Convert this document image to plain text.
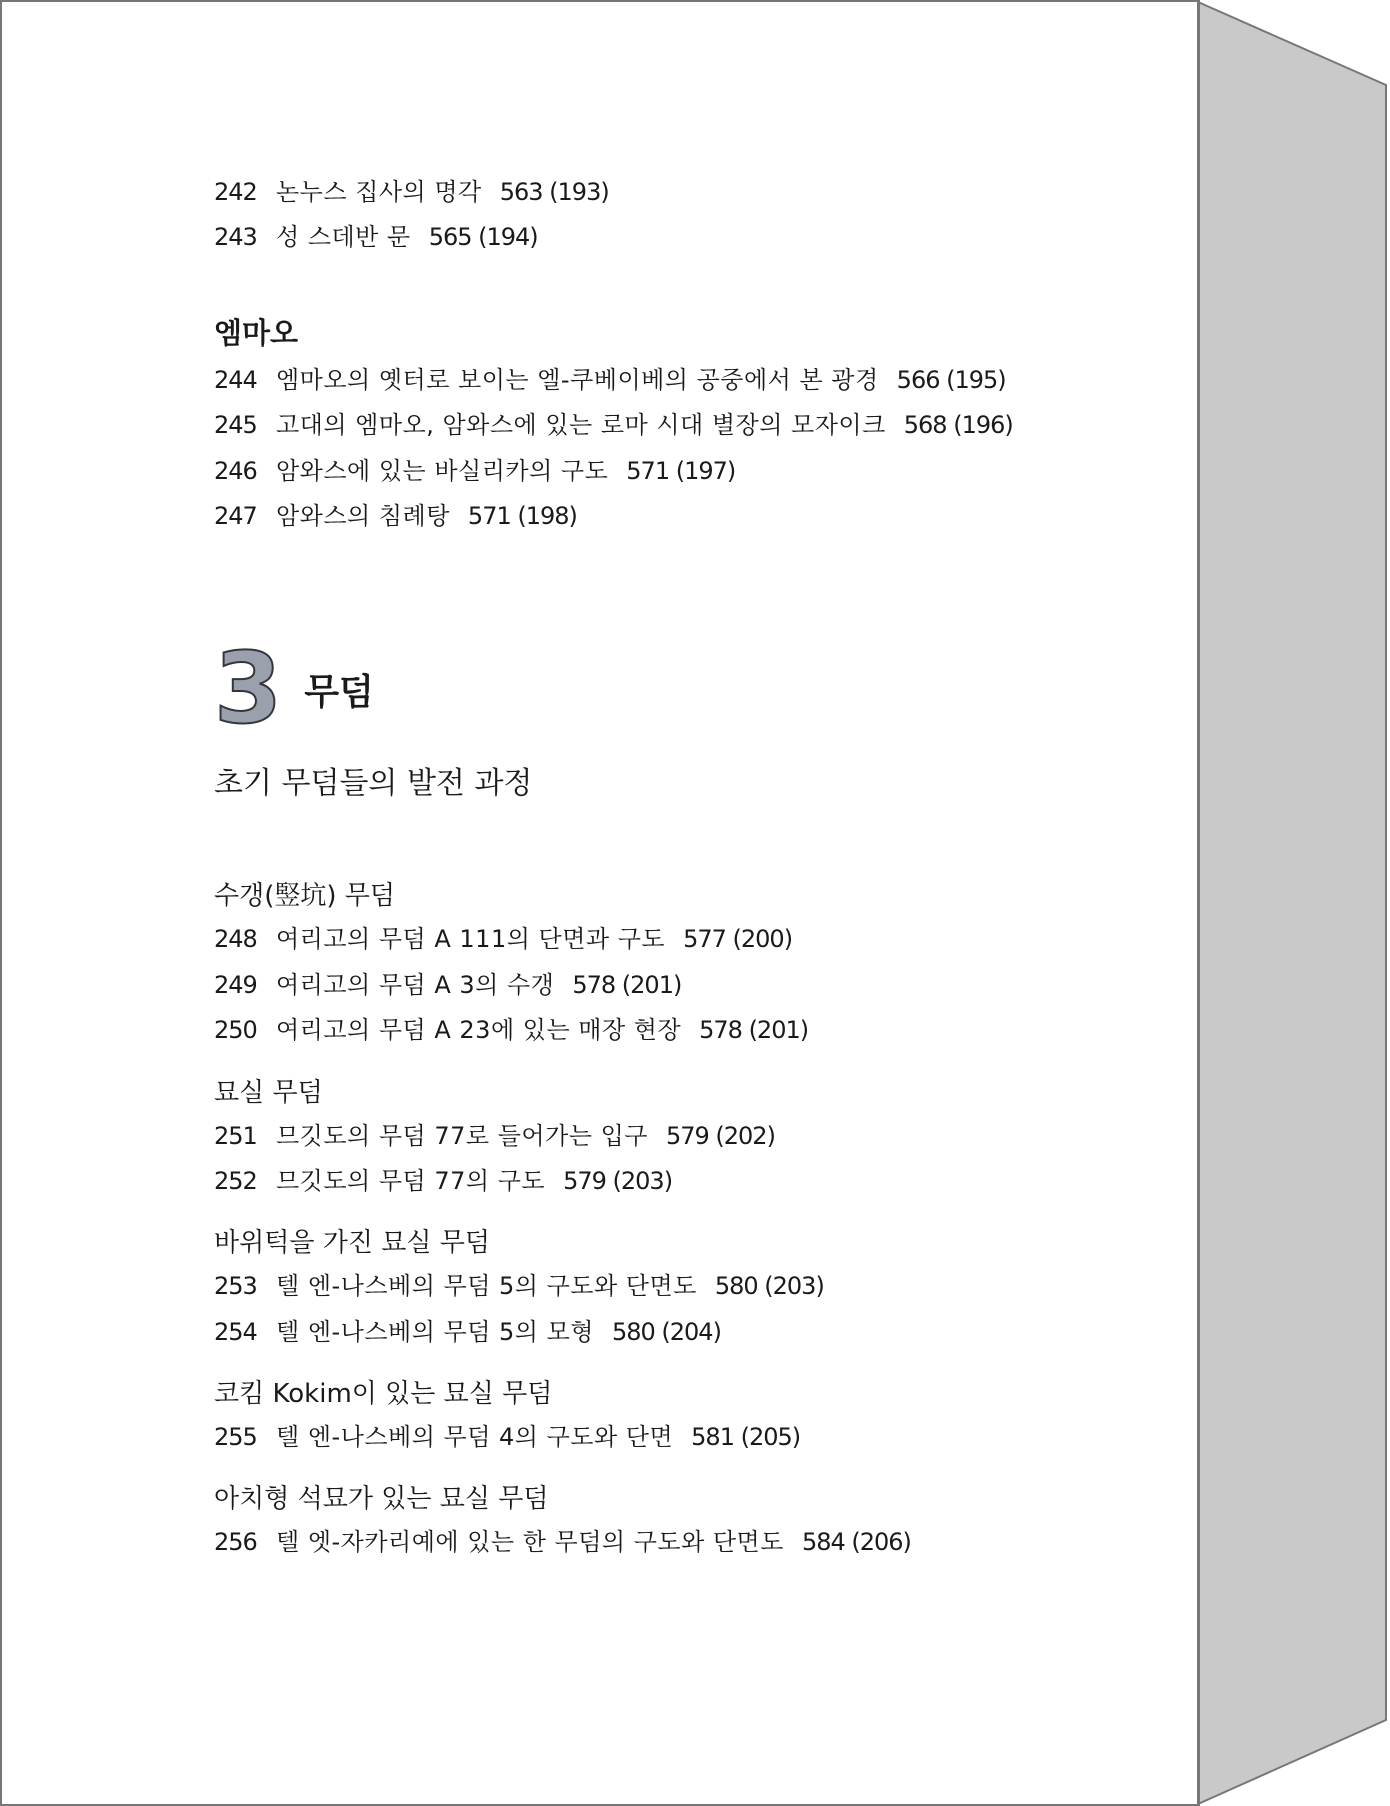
242 논누스 집사의 명각 563 (193)
243 성 스데반 문 565 (194)
엠마오
244 엠마오의 옛터로 보이는 엘-쿠베이베의 공중에서 본 광경 566 (195)
245 고대의 엠마오, 암와스에 있는 로마 시대 별장의 모자이크 568 (196)
246 암와스에 있는 바실리카의 구도 571 (197)
247 암와스의 침례탕 571 (198)
3 무덤
초기 무덤들의 발전 과정
수갱(竪坑) 무덤
248 여리고의 무덤 A 111의 단면과 구도 577 (200)
249 여리고의 무덤 A 3의 수갱 578 (201)
250 여리고의 무덤 A 23에 있는 매장 현장 578 (201)
묘실 무덤
251 므깃도의 무덤 77로 들어가는 입구 579 (202)
252 므깃도의 무덤 77의 구도 579 (203)
바위턱을 가진 묘실 무덤
253 텔 엔-나스베의 무덤 5의 구도와 단면도 580 (203)
254 텔 엔-나스베의 무덤 5의 모형 580 (204)
코킴 Kokim이 있는 묘실 무덤
255 텔 엔-나스베의 무덤 4의 구도와 단면 581 (205)
아치형 석묘가 있는 묘실 무덤
256 텔 엣-자카리예에 있는 한 무덤의 구도와 단면도 584 (206)
